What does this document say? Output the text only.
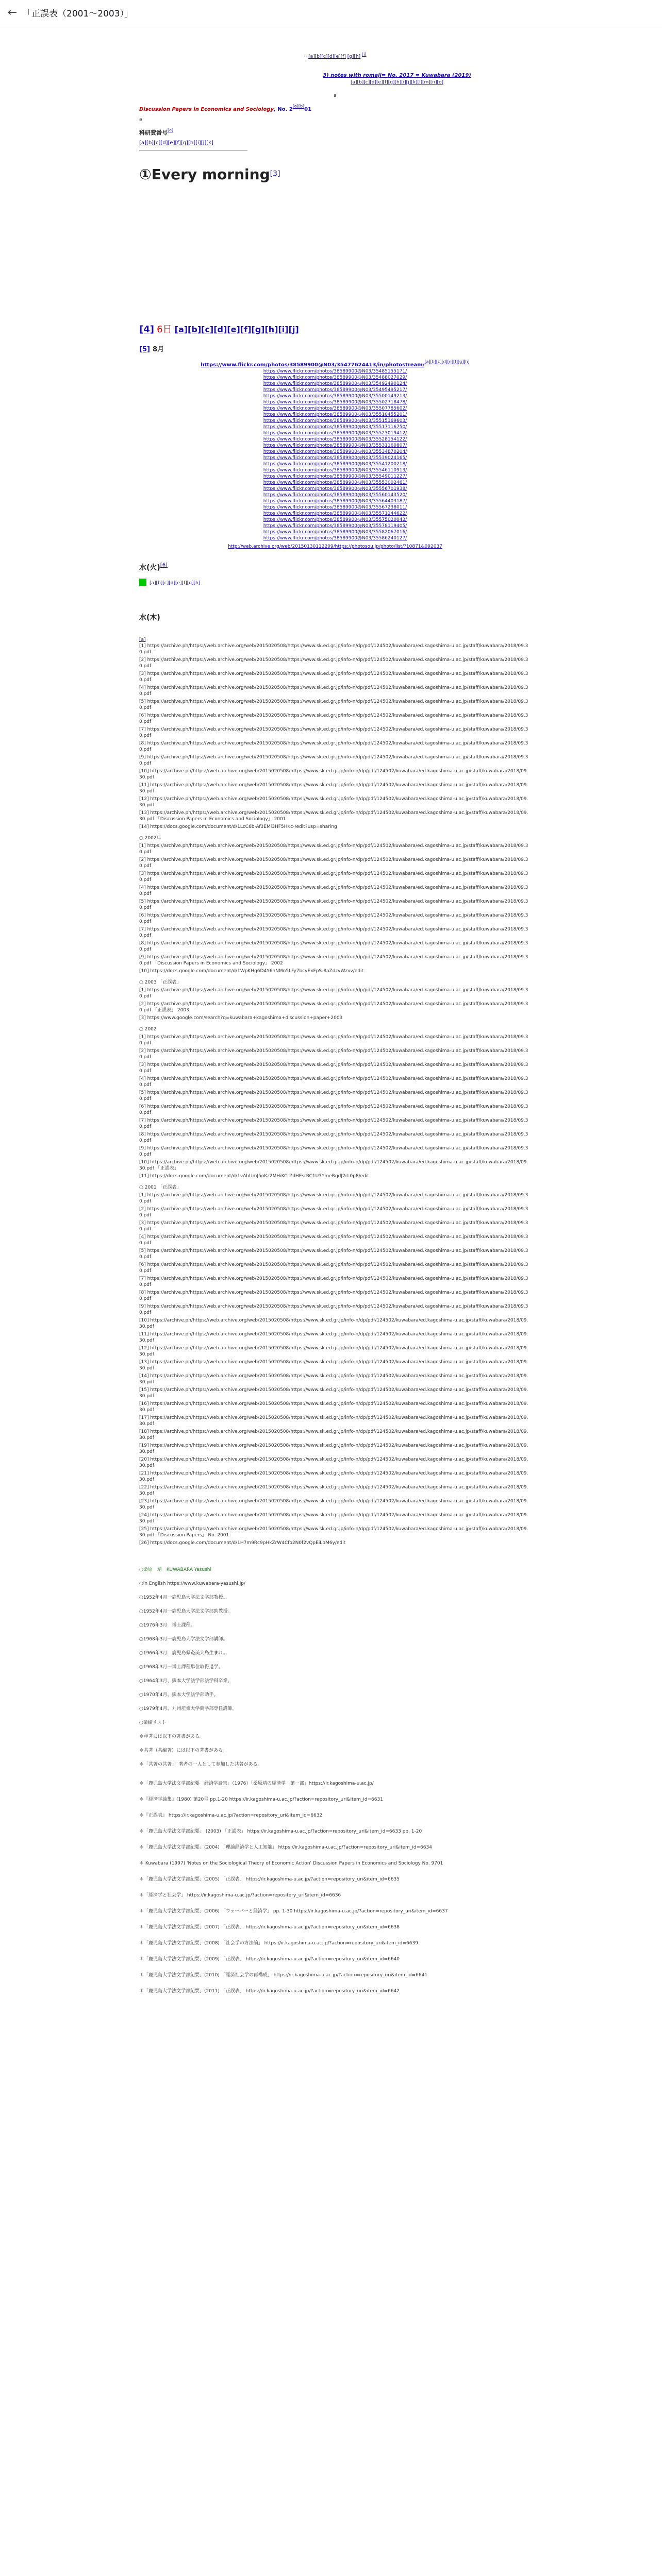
← 「正誤表（2001〜2003）」
·· [a][b][c][d][e][f] [g][h] [i]
3) notes with romaji= No. 2017 = Kuwabara (2019)
[a][b][c][d][e][f][g][h][i][j][k][l][m][n][o]
a
Discussion Papers in Economics and Sociology, No. 2[a][b]01
a
科研費番号[a]
[a][b][c][d][e][f][g][h][i][j][k]
①Every morning[3]
[4] 6日 [a][b][c][d][e][f][g][h][i][j]
[5] 8月
https://www.flickr.com/photos/38589900@N03/35477624413/in/photostream/[a][b][c][d][e][f][g][h]
https://www.flickr.com/photos/38589900@N03/35485155171/
https://www.flickr.com/photos/38589900@N03/35488027029/
https://www.flickr.com/photos/38589900@N03/35492490124/
https://www.flickr.com/photos/38589900@N03/35495495217/
https://www.flickr.com/photos/38589900@N03/35500149213/
https://www.flickr.com/photos/38589900@N03/35502718478/
https://www.flickr.com/photos/38589900@N03/35507785602/
https://www.flickr.com/photos/38589900@N03/35510455201/
https://www.flickr.com/photos/38589900@N03/35515369603/
https://www.flickr.com/photos/38589900@N03/35517116750/
https://www.flickr.com/photos/38589900@N03/35523019412/
https://www.flickr.com/photos/38589900@N03/35528154122/
https://www.flickr.com/photos/38589900@N03/35531160807/
https://www.flickr.com/photos/38589900@N03/35534870204/
https://www.flickr.com/photos/38589900@N03/35539024165/
https://www.flickr.com/photos/38589900@N03/35541200218/
https://www.flickr.com/photos/38589900@N03/35546110913/
https://www.flickr.com/photos/38589900@N03/35549011227/
https://www.flickr.com/photos/38589900@N03/35553002461/
https://www.flickr.com/photos/38589900@N03/35556701938/
https://www.flickr.com/photos/38589900@N03/35560143520/
https://www.flickr.com/photos/38589900@N03/35564403187/
https://www.flickr.com/photos/38589900@N03/35567238011/
https://www.flickr.com/photos/38589900@N03/35571144622/
https://www.flickr.com/photos/38589900@N03/35575020043/
https://www.flickr.com/photos/38589900@N03/35578119405/
https://www.flickr.com/photos/38589900@N03/35582067016/
https://www.flickr.com/photos/38589900@N03/35586240127/
http://web.archive.org/web/20150130112209/https://photosou.jp/photo/list/?10871&092037
水(火)[6]
[a][b][c][d][e][f][g][h]
水(木)
[a]

[1] https://archive.ph/https://web.archive.org/web/2015020508/https://www.sk.ed.gr.jp/info-n/dp/pdf/124502/kuwabara/ed.kagoshima-u.ac.jp/staff/kuwabara/2018/09.30.pdf

[2] https://archive.ph/https://web.archive.org/web/2015020508/https://www.sk.ed.gr.jp/info-n/dp/pdf/124502/kuwabara/ed.kagoshima-u.ac.jp/staff/kuwabara/2018/09.30.pdf

[3] https://archive.ph/https://web.archive.org/web/2015020508/https://www.sk.ed.gr.jp/info-n/dp/pdf/124502/kuwabara/ed.kagoshima-u.ac.jp/staff/kuwabara/2018/09.30.pdf

[4] https://archive.ph/https://web.archive.org/web/2015020508/https://www.sk.ed.gr.jp/info-n/dp/pdf/124502/kuwabara/ed.kagoshima-u.ac.jp/staff/kuwabara/2018/09.30.pdf

[5] https://archive.ph/https://web.archive.org/web/2015020508/https://www.sk.ed.gr.jp/info-n/dp/pdf/124502/kuwabara/ed.kagoshima-u.ac.jp/staff/kuwabara/2018/09.30.pdf

[6] https://archive.ph/https://web.archive.org/web/2015020508/https://www.sk.ed.gr.jp/info-n/dp/pdf/124502/kuwabara/ed.kagoshima-u.ac.jp/staff/kuwabara/2018/09.30.pdf

[7] https://archive.ph/https://web.archive.org/web/2015020508/https://www.sk.ed.gr.jp/info-n/dp/pdf/124502/kuwabara/ed.kagoshima-u.ac.jp/staff/kuwabara/2018/09.30.pdf

[8] https://archive.ph/https://web.archive.org/web/2015020508/https://www.sk.ed.gr.jp/info-n/dp/pdf/124502/kuwabara/ed.kagoshima-u.ac.jp/staff/kuwabara/2018/09.30.pdf

[9] https://archive.ph/https://web.archive.org/web/2015020508/https://www.sk.ed.gr.jp/info-n/dp/pdf/124502/kuwabara/ed.kagoshima-u.ac.jp/staff/kuwabara/2018/09.30.pdf

[10] https://archive.ph/https://web.archive.org/web/2015020508/https://www.sk.ed.gr.jp/info-n/dp/pdf/124502/kuwabara/ed.kagoshima-u.ac.jp/staff/kuwabara/2018/09.30.pdf

[11] https://archive.ph/https://web.archive.org/web/2015020508/https://www.sk.ed.gr.jp/info-n/dp/pdf/124502/kuwabara/ed.kagoshima-u.ac.jp/staff/kuwabara/2018/09.30.pdf

[12] https://archive.ph/https://web.archive.org/web/2015020508/https://www.sk.ed.gr.jp/info-n/dp/pdf/124502/kuwabara/ed.kagoshima-u.ac.jp/staff/kuwabara/2018/09.30.pdf

[13] https://archive.ph/https://web.archive.org/web/2015020508/https://www.sk.ed.gr.jp/info-n/dp/pdf/124502/kuwabara/ed.kagoshima-u.ac.jp/staff/kuwabara/2018/09.30.pdf 「Discussion Papers in Economics and Sociology」 2001

[14] https://docs.google.com/document/d/1LcC6b-Af3EMi3HF5HKc-/edit?usp=sharing

○ 2002年

[1] https://archive.ph/https://web.archive.org/web/2015020508/https://www.sk.ed.gr.jp/info-n/dp/pdf/124502/kuwabara/ed.kagoshima-u.ac.jp/staff/kuwabara/2018/09.30.pdf

[2] https://archive.ph/https://web.archive.org/web/2015020508/https://www.sk.ed.gr.jp/info-n/dp/pdf/124502/kuwabara/ed.kagoshima-u.ac.jp/staff/kuwabara/2018/09.30.pdf

[3] https://archive.ph/https://web.archive.org/web/2015020508/https://www.sk.ed.gr.jp/info-n/dp/pdf/124502/kuwabara/ed.kagoshima-u.ac.jp/staff/kuwabara/2018/09.30.pdf

[4] https://archive.ph/https://web.archive.org/web/2015020508/https://www.sk.ed.gr.jp/info-n/dp/pdf/124502/kuwabara/ed.kagoshima-u.ac.jp/staff/kuwabara/2018/09.30.pdf

[5] https://archive.ph/https://web.archive.org/web/2015020508/https://www.sk.ed.gr.jp/info-n/dp/pdf/124502/kuwabara/ed.kagoshima-u.ac.jp/staff/kuwabara/2018/09.30.pdf

[6] https://archive.ph/https://web.archive.org/web/2015020508/https://www.sk.ed.gr.jp/info-n/dp/pdf/124502/kuwabara/ed.kagoshima-u.ac.jp/staff/kuwabara/2018/09.30.pdf

[7] https://archive.ph/https://web.archive.org/web/2015020508/https://www.sk.ed.gr.jp/info-n/dp/pdf/124502/kuwabara/ed.kagoshima-u.ac.jp/staff/kuwabara/2018/09.30.pdf

[8] https://archive.ph/https://web.archive.org/web/2015020508/https://www.sk.ed.gr.jp/info-n/dp/pdf/124502/kuwabara/ed.kagoshima-u.ac.jp/staff/kuwabara/2018/09.30.pdf

[9] https://archive.ph/https://web.archive.org/web/2015020508/https://www.sk.ed.gr.jp/info-n/dp/pdf/124502/kuwabara/ed.kagoshima-u.ac.jp/staff/kuwabara/2018/09.30.pdf 「Discussion Papers in Economics and Sociology」 2002

[10] https://docs.google.com/document/d/1WpKHg6D4Y6hNMn5LFy7bcyExFpS-8aZdzvWzvv/edit

○ 2003 「正誤表」

[1] https://archive.ph/https://web.archive.org/web/2015020508/https://www.sk.ed.gr.jp/info-n/dp/pdf/124502/kuwabara/ed.kagoshima-u.ac.jp/staff/kuwabara/2018/09.30.pdf

[2] https://archive.ph/https://web.archive.org/web/2015020508/https://www.sk.ed.gr.jp/info-n/dp/pdf/124502/kuwabara/ed.kagoshima-u.ac.jp/staff/kuwabara/2018/09.30.pdf 「正誤表」 2003

[3] https://www.google.com/search?q=kuwabara+kagoshima+discussion+paper+2003

○ 2002

[1] https://archive.ph/https://web.archive.org/web/2015020508/https://www.sk.ed.gr.jp/info-n/dp/pdf/124502/kuwabara/ed.kagoshima-u.ac.jp/staff/kuwabara/2018/09.30.pdf

[2] https://archive.ph/https://web.archive.org/web/2015020508/https://www.sk.ed.gr.jp/info-n/dp/pdf/124502/kuwabara/ed.kagoshima-u.ac.jp/staff/kuwabara/2018/09.30.pdf

[3] https://archive.ph/https://web.archive.org/web/2015020508/https://www.sk.ed.gr.jp/info-n/dp/pdf/124502/kuwabara/ed.kagoshima-u.ac.jp/staff/kuwabara/2018/09.30.pdf

[4] https://archive.ph/https://web.archive.org/web/2015020508/https://www.sk.ed.gr.jp/info-n/dp/pdf/124502/kuwabara/ed.kagoshima-u.ac.jp/staff/kuwabara/2018/09.30.pdf

[5] https://archive.ph/https://web.archive.org/web/2015020508/https://www.sk.ed.gr.jp/info-n/dp/pdf/124502/kuwabara/ed.kagoshima-u.ac.jp/staff/kuwabara/2018/09.30.pdf

[6] https://archive.ph/https://web.archive.org/web/2015020508/https://www.sk.ed.gr.jp/info-n/dp/pdf/124502/kuwabara/ed.kagoshima-u.ac.jp/staff/kuwabara/2018/09.30.pdf

[7] https://archive.ph/https://web.archive.org/web/2015020508/https://www.sk.ed.gr.jp/info-n/dp/pdf/124502/kuwabara/ed.kagoshima-u.ac.jp/staff/kuwabara/2018/09.30.pdf

[8] https://archive.ph/https://web.archive.org/web/2015020508/https://www.sk.ed.gr.jp/info-n/dp/pdf/124502/kuwabara/ed.kagoshima-u.ac.jp/staff/kuwabara/2018/09.30.pdf

[9] https://archive.ph/https://web.archive.org/web/2015020508/https://www.sk.ed.gr.jp/info-n/dp/pdf/124502/kuwabara/ed.kagoshima-u.ac.jp/staff/kuwabara/2018/09.30.pdf

[10] https://archive.ph/https://web.archive.org/web/2015020508/https://www.sk.ed.gr.jp/info-n/dp/pdf/124502/kuwabara/ed.kagoshima-u.ac.jp/staff/kuwabara/2018/09.30.pdf 「正誤表」

[11] https://docs.google.com/document/d/1vAbUmJ5oKz2MHiKCrZdHEsrRC1U3YmeRqdJ2rL0p8/edit

○ 2001 「正誤表」

[1] https://archive.ph/https://web.archive.org/web/2015020508/https://www.sk.ed.gr.jp/info-n/dp/pdf/124502/kuwabara/ed.kagoshima-u.ac.jp/staff/kuwabara/2018/09.30.pdf

[2] https://archive.ph/https://web.archive.org/web/2015020508/https://www.sk.ed.gr.jp/info-n/dp/pdf/124502/kuwabara/ed.kagoshima-u.ac.jp/staff/kuwabara/2018/09.30.pdf

[3] https://archive.ph/https://web.archive.org/web/2015020508/https://www.sk.ed.gr.jp/info-n/dp/pdf/124502/kuwabara/ed.kagoshima-u.ac.jp/staff/kuwabara/2018/09.30.pdf

[4] https://archive.ph/https://web.archive.org/web/2015020508/https://www.sk.ed.gr.jp/info-n/dp/pdf/124502/kuwabara/ed.kagoshima-u.ac.jp/staff/kuwabara/2018/09.30.pdf

[5] https://archive.ph/https://web.archive.org/web/2015020508/https://www.sk.ed.gr.jp/info-n/dp/pdf/124502/kuwabara/ed.kagoshima-u.ac.jp/staff/kuwabara/2018/09.30.pdf

[6] https://archive.ph/https://web.archive.org/web/2015020508/https://www.sk.ed.gr.jp/info-n/dp/pdf/124502/kuwabara/ed.kagoshima-u.ac.jp/staff/kuwabara/2018/09.30.pdf

[7] https://archive.ph/https://web.archive.org/web/2015020508/https://www.sk.ed.gr.jp/info-n/dp/pdf/124502/kuwabara/ed.kagoshima-u.ac.jp/staff/kuwabara/2018/09.30.pdf

[8] https://archive.ph/https://web.archive.org/web/2015020508/https://www.sk.ed.gr.jp/info-n/dp/pdf/124502/kuwabara/ed.kagoshima-u.ac.jp/staff/kuwabara/2018/09.30.pdf

[9] https://archive.ph/https://web.archive.org/web/2015020508/https://www.sk.ed.gr.jp/info-n/dp/pdf/124502/kuwabara/ed.kagoshima-u.ac.jp/staff/kuwabara/2018/09.30.pdf

[10] https://archive.ph/https://web.archive.org/web/2015020508/https://www.sk.ed.gr.jp/info-n/dp/pdf/124502/kuwabara/ed.kagoshima-u.ac.jp/staff/kuwabara/2018/09.30.pdf

[11] https://archive.ph/https://web.archive.org/web/2015020508/https://www.sk.ed.gr.jp/info-n/dp/pdf/124502/kuwabara/ed.kagoshima-u.ac.jp/staff/kuwabara/2018/09.30.pdf

[12] https://archive.ph/https://web.archive.org/web/2015020508/https://www.sk.ed.gr.jp/info-n/dp/pdf/124502/kuwabara/ed.kagoshima-u.ac.jp/staff/kuwabara/2018/09.30.pdf

[13] https://archive.ph/https://web.archive.org/web/2015020508/https://www.sk.ed.gr.jp/info-n/dp/pdf/124502/kuwabara/ed.kagoshima-u.ac.jp/staff/kuwabara/2018/09.30.pdf

[14] https://archive.ph/https://web.archive.org/web/2015020508/https://www.sk.ed.gr.jp/info-n/dp/pdf/124502/kuwabara/ed.kagoshima-u.ac.jp/staff/kuwabara/2018/09.30.pdf

[15] https://archive.ph/https://web.archive.org/web/2015020508/https://www.sk.ed.gr.jp/info-n/dp/pdf/124502/kuwabara/ed.kagoshima-u.ac.jp/staff/kuwabara/2018/09.30.pdf

[16] https://archive.ph/https://web.archive.org/web/2015020508/https://www.sk.ed.gr.jp/info-n/dp/pdf/124502/kuwabara/ed.kagoshima-u.ac.jp/staff/kuwabara/2018/09.30.pdf

[17] https://archive.ph/https://web.archive.org/web/2015020508/https://www.sk.ed.gr.jp/info-n/dp/pdf/124502/kuwabara/ed.kagoshima-u.ac.jp/staff/kuwabara/2018/09.30.pdf

[18] https://archive.ph/https://web.archive.org/web/2015020508/https://www.sk.ed.gr.jp/info-n/dp/pdf/124502/kuwabara/ed.kagoshima-u.ac.jp/staff/kuwabara/2018/09.30.pdf

[19] https://archive.ph/https://web.archive.org/web/2015020508/https://www.sk.ed.gr.jp/info-n/dp/pdf/124502/kuwabara/ed.kagoshima-u.ac.jp/staff/kuwabara/2018/09.30.pdf

[20] https://archive.ph/https://web.archive.org/web/2015020508/https://www.sk.ed.gr.jp/info-n/dp/pdf/124502/kuwabara/ed.kagoshima-u.ac.jp/staff/kuwabara/2018/09.30.pdf

[21] https://archive.ph/https://web.archive.org/web/2015020508/https://www.sk.ed.gr.jp/info-n/dp/pdf/124502/kuwabara/ed.kagoshima-u.ac.jp/staff/kuwabara/2018/09.30.pdf

[22] https://archive.ph/https://web.archive.org/web/2015020508/https://www.sk.ed.gr.jp/info-n/dp/pdf/124502/kuwabara/ed.kagoshima-u.ac.jp/staff/kuwabara/2018/09.30.pdf

[23] https://archive.ph/https://web.archive.org/web/2015020508/https://www.sk.ed.gr.jp/info-n/dp/pdf/124502/kuwabara/ed.kagoshima-u.ac.jp/staff/kuwabara/2018/09.30.pdf

[24] https://archive.ph/https://web.archive.org/web/2015020508/https://www.sk.ed.gr.jp/info-n/dp/pdf/124502/kuwabara/ed.kagoshima-u.ac.jp/staff/kuwabara/2018/09.30.pdf

[25] https://archive.ph/https://web.archive.org/web/2015020508/https://www.sk.ed.gr.jp/info-n/dp/pdf/124502/kuwabara/ed.kagoshima-u.ac.jp/staff/kuwabara/2018/09.30.pdf 「Discussion Papers」 No. 2001

[26] https://docs.google.com/document/d/1H7m9Rc9pHkZrW4Cfo2N0f2vQpEiLbM6y/edit

○桑原　靖　KUWABARA Yasushi

○in English https://www.kuwabara-yasushi.jp/

○1952年4月一鹿児島大学法文学部教授。

○1952年4月一鹿児島大学法文学部助教授。

○1976年3月　博士課程。

○1968年3月一鹿児島大学法文学部講師。

○1966年3月　鹿児島県奄美大島生まれ。

○1968年3月一博士課程単位取得退学。

○1964年3月、熊本大学法学部法学科卒業。

○1970年4月、熊本大学法学部助手。

○1979年4月、九州産業大学商学部専任講師。

○業績リスト

＊単著には以下の著書がある。

＊共著（共編著）には以下の著書がある。

＊「共著の共著」：著者の一人として参加した共著がある。

＊「鹿児島大学法文学部紀要　経済学論集」（1976）「桑原靖の経済学　第一部」https://ir.kagoshima-u.ac.jp/

＊『経済学論集』(1980) 第20号 pp.1-20 https://ir.kagoshima-u.ac.jp/?action=repository_uri&item_id=6631

＊『正誤表』 https://ir.kagoshima-u.ac.jp/?action=repository_uri&item_id=6632

＊「鹿児島大学法文学部紀要」 (2003) 「正誤表」 https://ir.kagoshima-u.ac.jp/?action=repository_uri&item_id=6633 pp. 1-20

＊「鹿児島大学法文学部紀要」(2004) 「理論経済学と人工知能」 https://ir.kagoshima-u.ac.jp/?action=repository_uri&item_id=6634

＊ Kuwabara (1997) 'Notes on the Sociological Theory of Economic Action' Discussion Papers in Economics and Sociology No. 9701

＊「鹿児島大学法文学部紀要」(2005) 「正誤表」 https://ir.kagoshima-u.ac.jp/?action=repository_uri&item_id=6635

＊「経済学と社会学」 https://ir.kagoshima-u.ac.jp/?action=repository_uri&item_id=6636

＊「鹿児島大学法文学部紀要」(2006) 「ウェーバーと経済学」 pp. 1-30 https://ir.kagoshima-u.ac.jp/?action=repository_uri&item_id=6637

＊「鹿児島大学法文学部紀要」(2007) 「正誤表」 https://ir.kagoshima-u.ac.jp/?action=repository_uri&item_id=6638

＊「鹿児島大学法文学部紀要」(2008) 「社会学の方法論」 https://ir.kagoshima-u.ac.jp/?action=repository_uri&item_id=6639

＊「鹿児島大学法文学部紀要」(2009) 「正誤表」 https://ir.kagoshima-u.ac.jp/?action=repository_uri&item_id=6640

＊「鹿児島大学法文学部紀要」(2010) 「経済社会学の再構成」 https://ir.kagoshima-u.ac.jp/?action=repository_uri&item_id=6641

＊「鹿児島大学法文学部紀要」(2011) 「正誤表」 https://ir.kagoshima-u.ac.jp/?action=repository_uri&item_id=6642
